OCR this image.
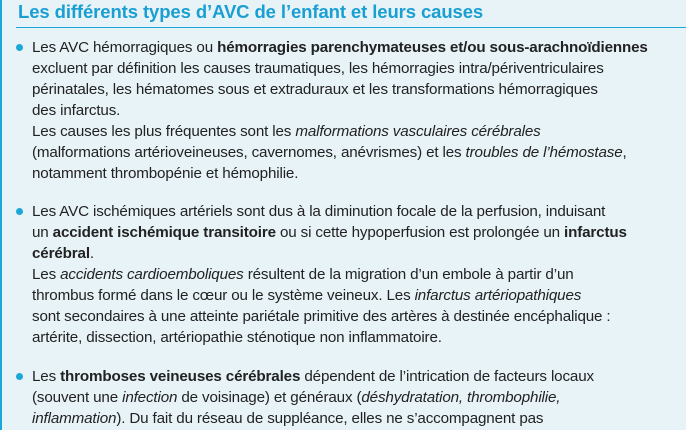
Les différents types d’AVC de l’enfant et leurs causes
Les AVC hémorragiques ou hémorragies parenchymateuses et/ou sous-arachnoïdiennes
excluent par définition les causes traumatiques, les hémorragies intra/périventriculaires
périnatales, les hématomes sous et extraduraux et les transformations hémorragiques
des infarctus.
Les causes les plus fréquentes sont les malformations vasculaires cérébrales
(malformations artérioveineuses, cavernomes, anévrismes) et les troubles de l’hémostase,
notamment thrombopénie et hémophilie.
Les AVC ischémiques artériels sont dus à la diminution focale de la perfusion, induisant
un accident ischémique transitoire ou si cette hypoperfusion est prolongée un infarctus
cérébral.
Les accidents cardioemboliques résultent de la migration d’un embole à partir d’un
thrombus formé dans le cœur ou le système veineux. Les infarctus artériopathiques
sont secondaires à une atteinte pariétale primitive des artères à destinée encéphalique :
artérite, dissection, artériopathie sténotique non inflammatoire.
Les thromboses veineuses cérébrales dépendent de l’intrication de facteurs locaux
(souvent une infection de voisinage) et généraux (déshydratation, thrombophilie,
inflammation). Du fait du réseau de suppléance, elles ne s’accompagnent pas
